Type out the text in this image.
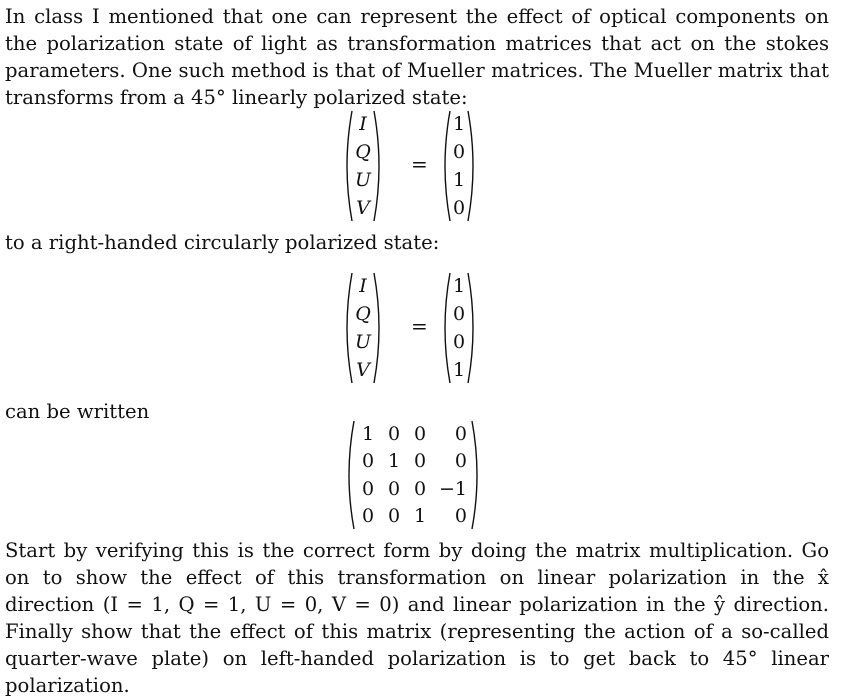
In class I mentioned that one can represent the effect of optical components on the polarization state of light as transformation matrices that act on the stokes parameters. One such method is that of Mueller matrices. The Mueller matrix that transforms from a 45° linearly polarized state:

I
Q
U
V
=
1
0
1
0

to a right-handed circularly polarized state:

I
Q
U
V
=
1
0
0
1

can be written

1 0 0	0
0 1 0	0
0 0 0 −1
0 0 1	0

Start by verifying this is the correct form by doing the matrix multiplication. Go on to show the effect of this transformation on linear polarization in the x̂ direction (I = 1, Q = 1, U = 0, V = 0) and linear polarization in the ŷ direction. Finally show that the effect of this matrix (representing the action of a so-called quarter-wave plate) on left-handed polarization is to get back to 45° linear polarization.
